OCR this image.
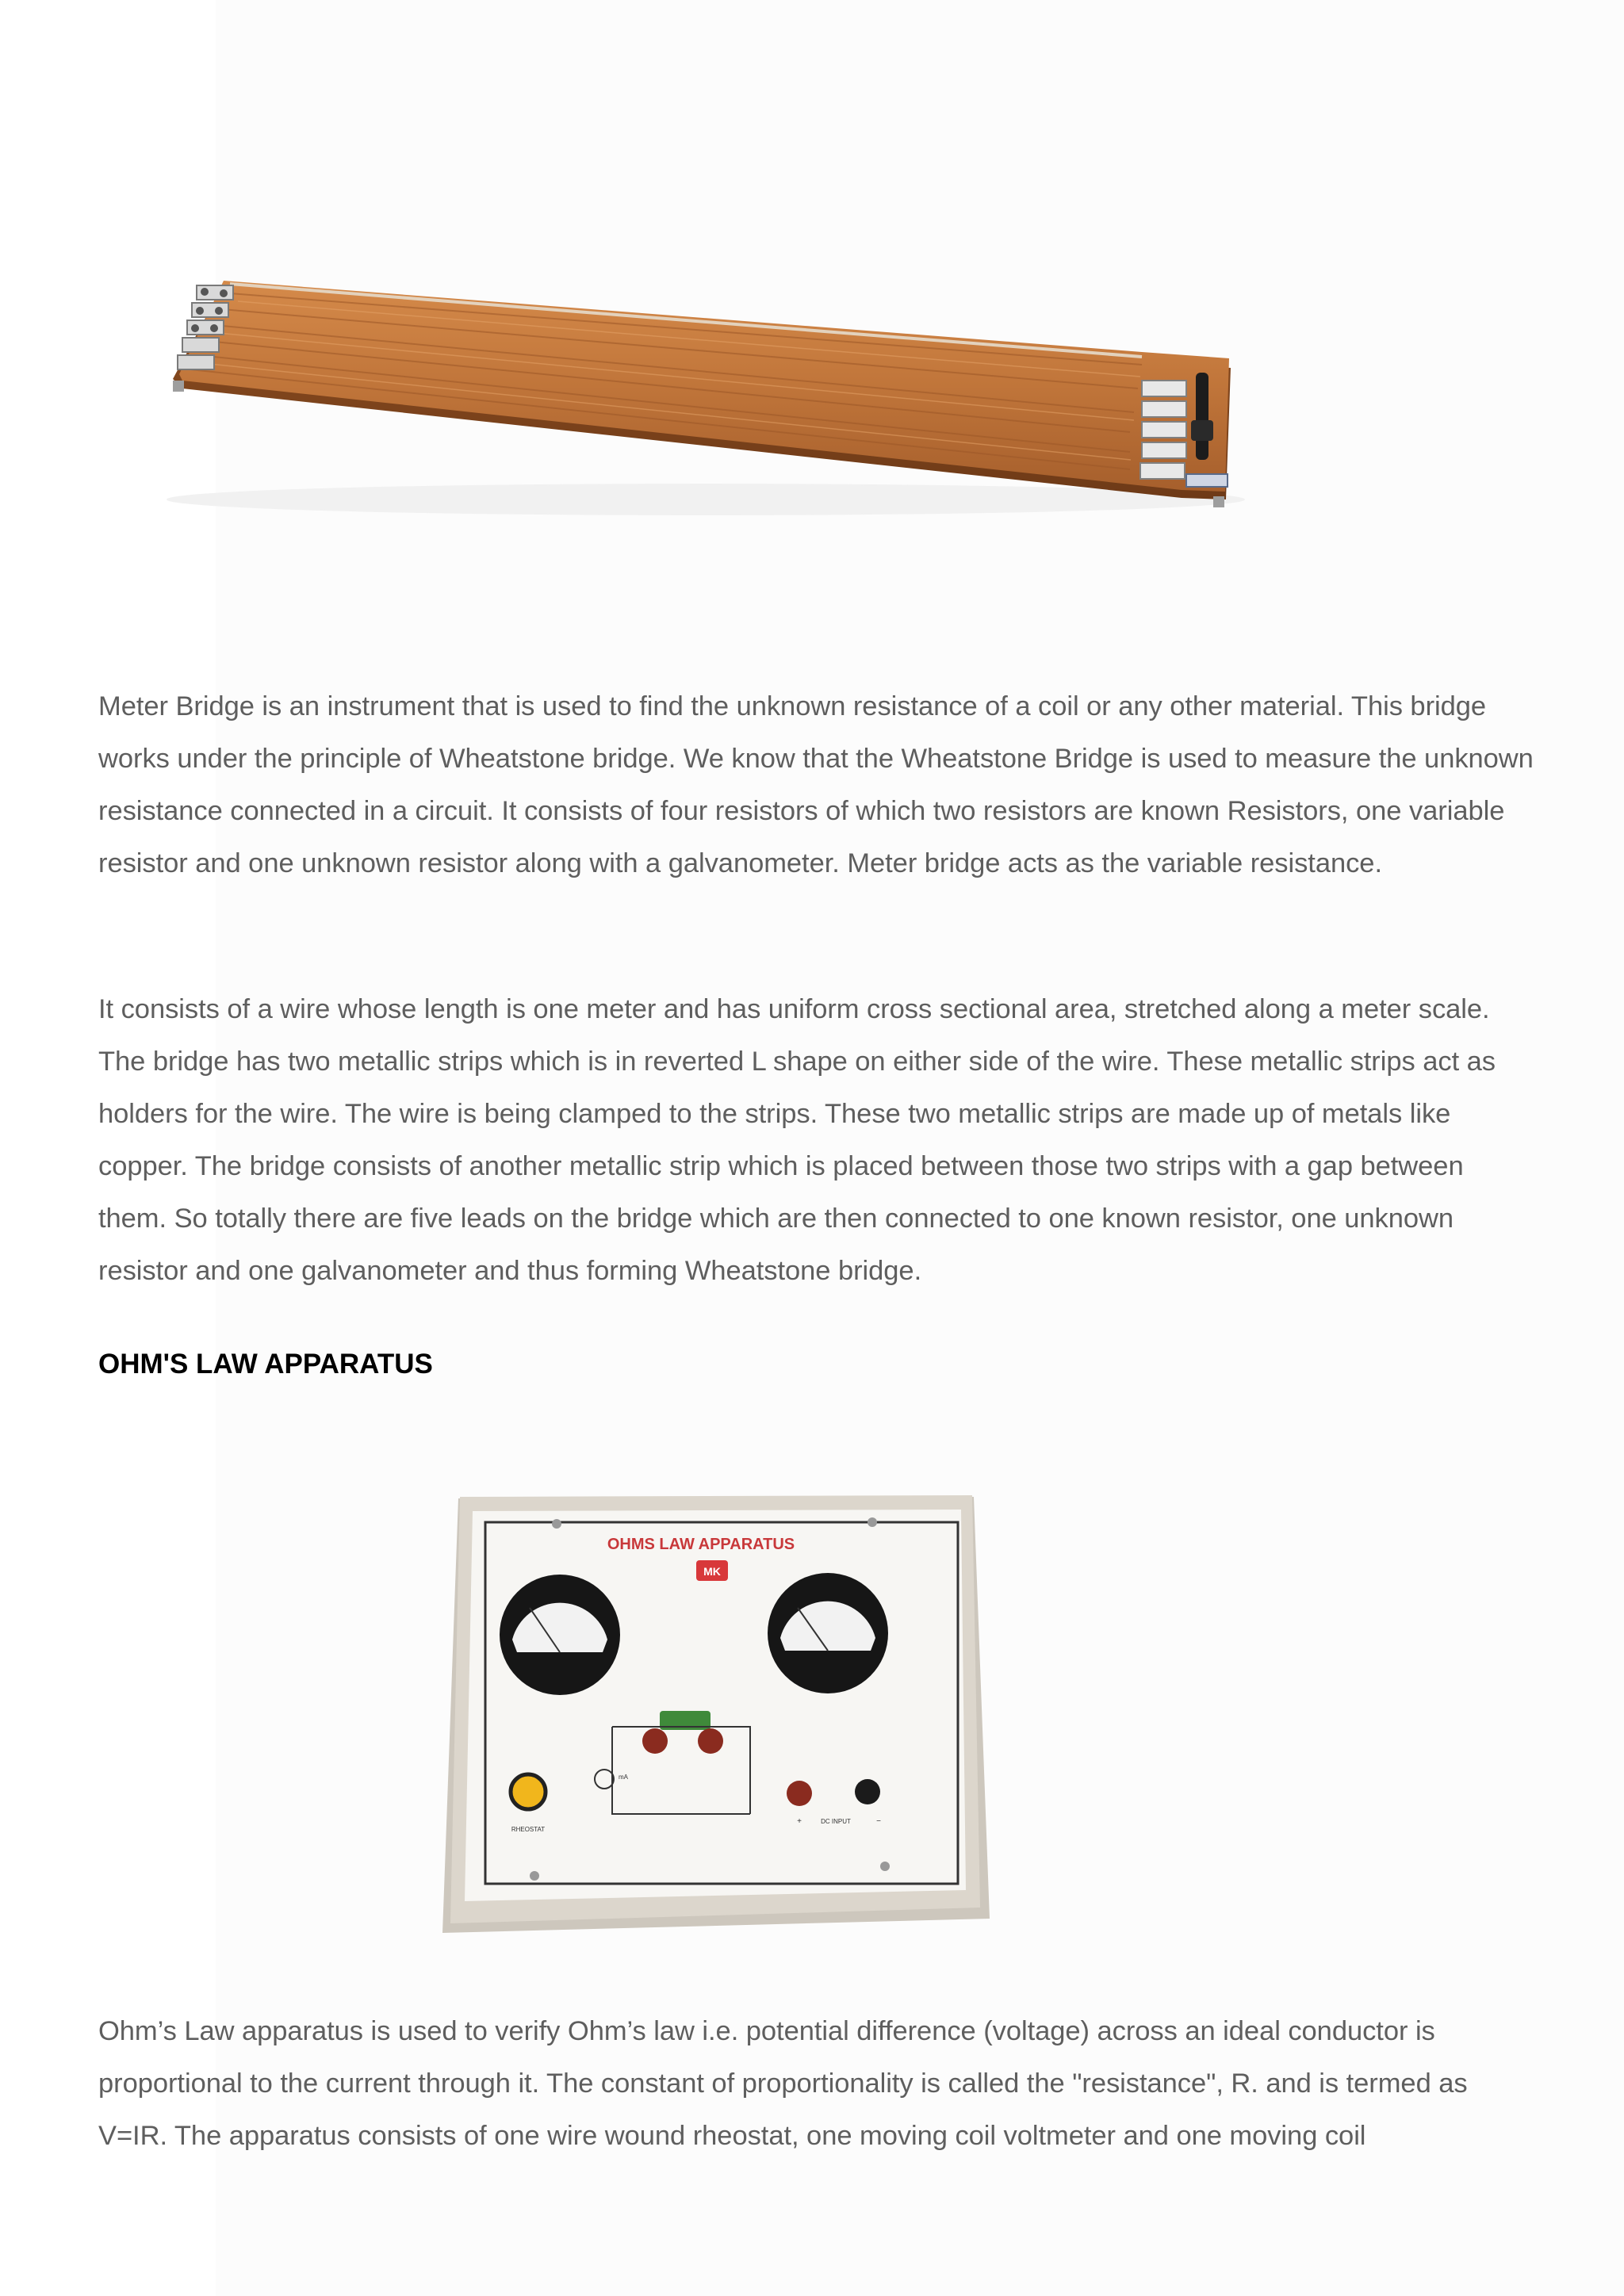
Meter Bridge is an instrument that is used to find the unknown resistance of a coil or any other material. This bridge works under the principle of Wheatstone bridge. We know that the Wheatstone Bridge is used to measure the unknown resistance connected in a circuit. It consists of four resistors of which two resistors are known Resistors, one variable resistor and one unknown resistor along with a galvanometer. Meter bridge acts as the variable resistance.

It consists of a wire whose length is one meter and has uniform cross sectional area, stretched along a meter scale. The bridge has two metallic strips which is in reverted L shape on either side of the wire. These metallic strips act as holders for the wire. The wire is being clamped to the strips. These two metallic strips are made up of metals like copper. The bridge consists of another metallic strip which is placed between those two strips with a gap between them. So totally there are five leads on the bridge which are then connected to one known resistor, one unknown resistor and one galvanometer and thus forming Wheatstone bridge.

OHM'S LAW APPARATUS
OHMS LAW APPARATUS
MK
mA
RHEOSTAT
+	DC INPUT	−

Ohm’s Law apparatus is used to verify Ohm’s law i.e. potential difference (voltage) across an ideal conductor is proportional to the current through it. The constant of proportionality is called the "resistance", R. and is termed as V=IR. The apparatus consists of one wire wound rheostat, one moving coil voltmeter and one moving coil
